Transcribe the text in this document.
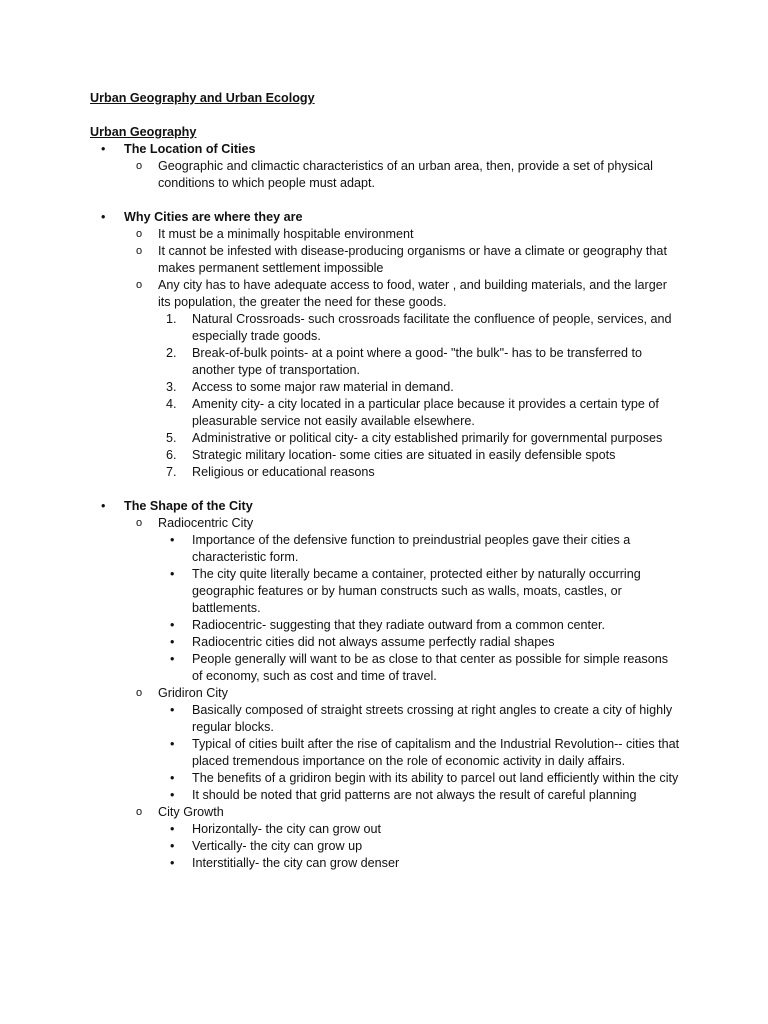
Urban Geography and Urban Ecology
Urban Geography
• The Location of Cities
o Geographic and climactic characteristics of an urban area, then, provide a set of physical conditions to which people must adapt.
• Why Cities are where they are
o It must be a minimally hospitable environment
o It cannot be infested with disease-producing organisms or have a climate or geography that makes permanent settlement impossible
o Any city has to have adequate access to food, water , and building materials, and the larger its population, the greater the need for these goods.
1. Natural Crossroads- such crossroads facilitate the confluence of people, services, and especially trade goods.
2. Break-of-bulk points- at a point where a good- "the bulk"- has to be transferred to another type of transportation.
3. Access to some major raw material in demand.
4. Amenity city- a city located in a particular place because it provides a certain type of pleasurable service not easily available elsewhere.
5. Administrative or political city- a city established primarily for governmental purposes
6. Strategic military location- some cities are situated in easily defensible spots
7. Religious or educational reasons
• The Shape of the City
o Radiocentric City
• Importance of the defensive function to preindustrial peoples gave their cities a characteristic form.
• The city quite literally became a container, protected either by naturally occurring geographic features or by human constructs such as walls, moats, castles, or battlements.
• Radiocentric- suggesting that they radiate outward from a common center.
• Radiocentric cities did not always assume perfectly radial shapes
• People generally will want to be as close to that center as possible for simple reasons of economy, such as cost and time of travel.
o Gridiron City
• Basically composed of straight streets crossing at right angles to create a city of highly regular blocks.
• Typical of cities built after the rise of capitalism and the Industrial Revolution-- cities that placed tremendous importance on the role of economic activity in daily affairs.
• The benefits of a gridiron begin with its ability to parcel out land efficiently within the city
• It should be noted that grid patterns are not always the result of careful planning
o City Growth
• Horizontally- the city can grow out
• Vertically- the city can grow up
• Interstitially- the city can grow denser
